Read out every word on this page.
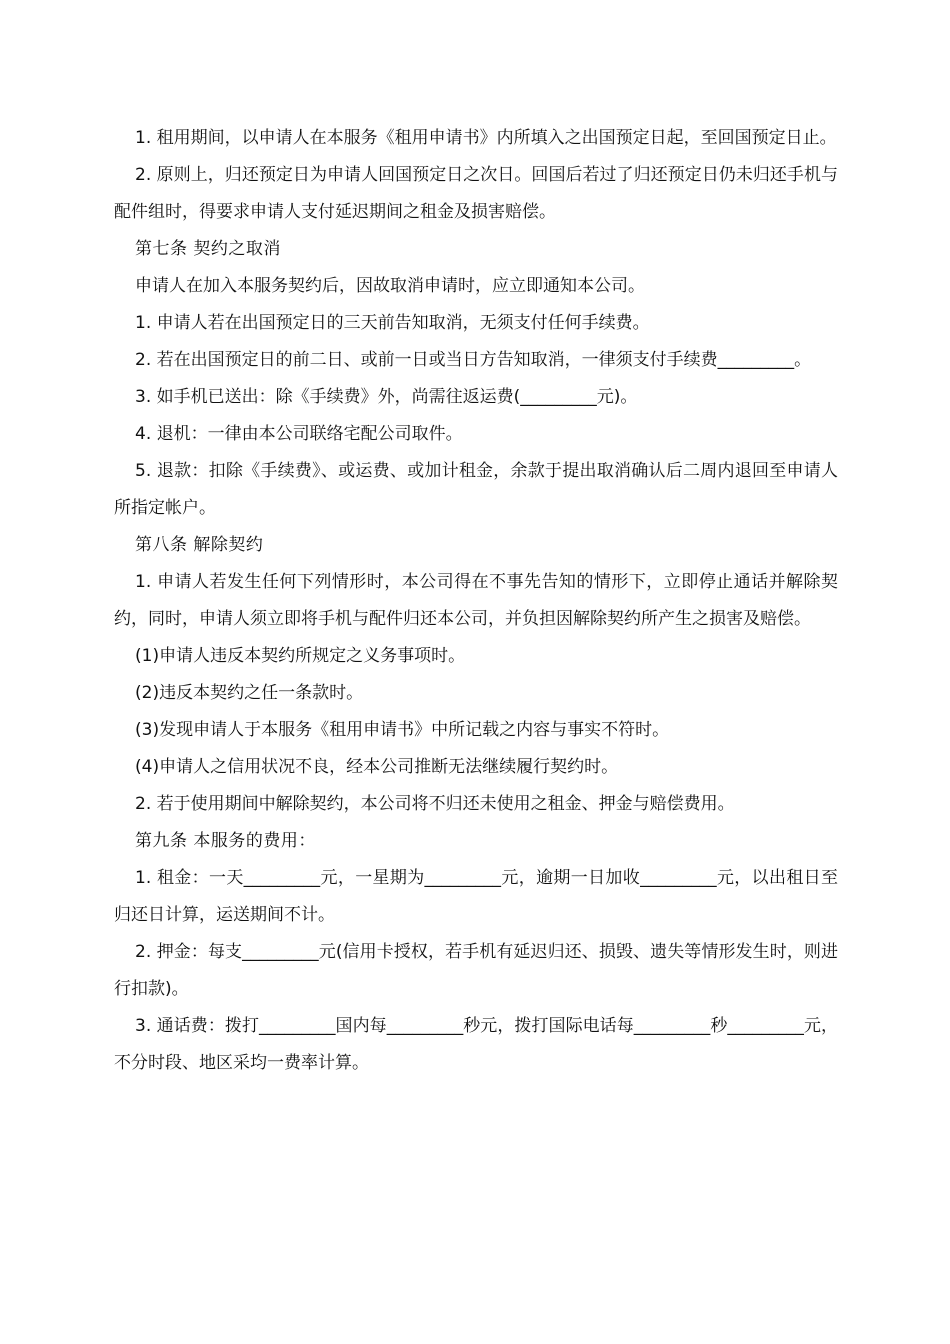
1. 租用期间，以申请人在本服务《租用申请书》内所填入之出国预定日起，至回国预定日止。

2. 原则上，归还预定日为申请人回国预定日之次日。回国后若过了归还预定日仍未归还手机与配件组时，得要求申请人支付延迟期间之租金及损害赔偿。

第七条 契约之取消

申请人在加入本服务契约后，因故取消申请时，应立即通知本公司。

1. 申请人若在出国预定日的三天前告知取消，无须支付任何手续费。

2. 若在出国预定日的前二日、或前一日或当日方告知取消，一律须支付手续费_________。

3. 如手机已送出：除《手续费》外，尚需往返运费(_________元)。

4. 退机：一律由本公司联络宅配公司取件。

5. 退款：扣除《手续费》、或运费、或加计租金，余款于提出取消确认后二周内退回至申请人所指定帐户。

第八条 解除契约

1. 申请人若发生任何下列情形时，本公司得在不事先告知的情形下，立即停止通话并解除契约，同时，申请人须立即将手机与配件归还本公司，并负担因解除契约所产生之损害及赔偿。

(1)申请人违反本契约所规定之义务事项时。

(2)违反本契约之任一条款时。

(3)发现申请人于本服务《租用申请书》中所记载之内容与事实不符时。

(4)申请人之信用状况不良，经本公司推断无法继续履行契约时。

2. 若于使用期间中解除契约，本公司将不归还未使用之租金、押金与赔偿费用。

第九条 本服务的费用：

1. 租金：一天_________元，一星期为_________元，逾期一日加收_________元，以出租日至归还日计算，运送期间不计。

2. 押金：每支_________元(信用卡授权，若手机有延迟归还、损毁、遗失等情形发生时，则进行扣款)。

3. 通话费：拨打_________国内每_________秒元，拨打国际电话每_________秒_________元，不分时段、地区采均一费率计算。
